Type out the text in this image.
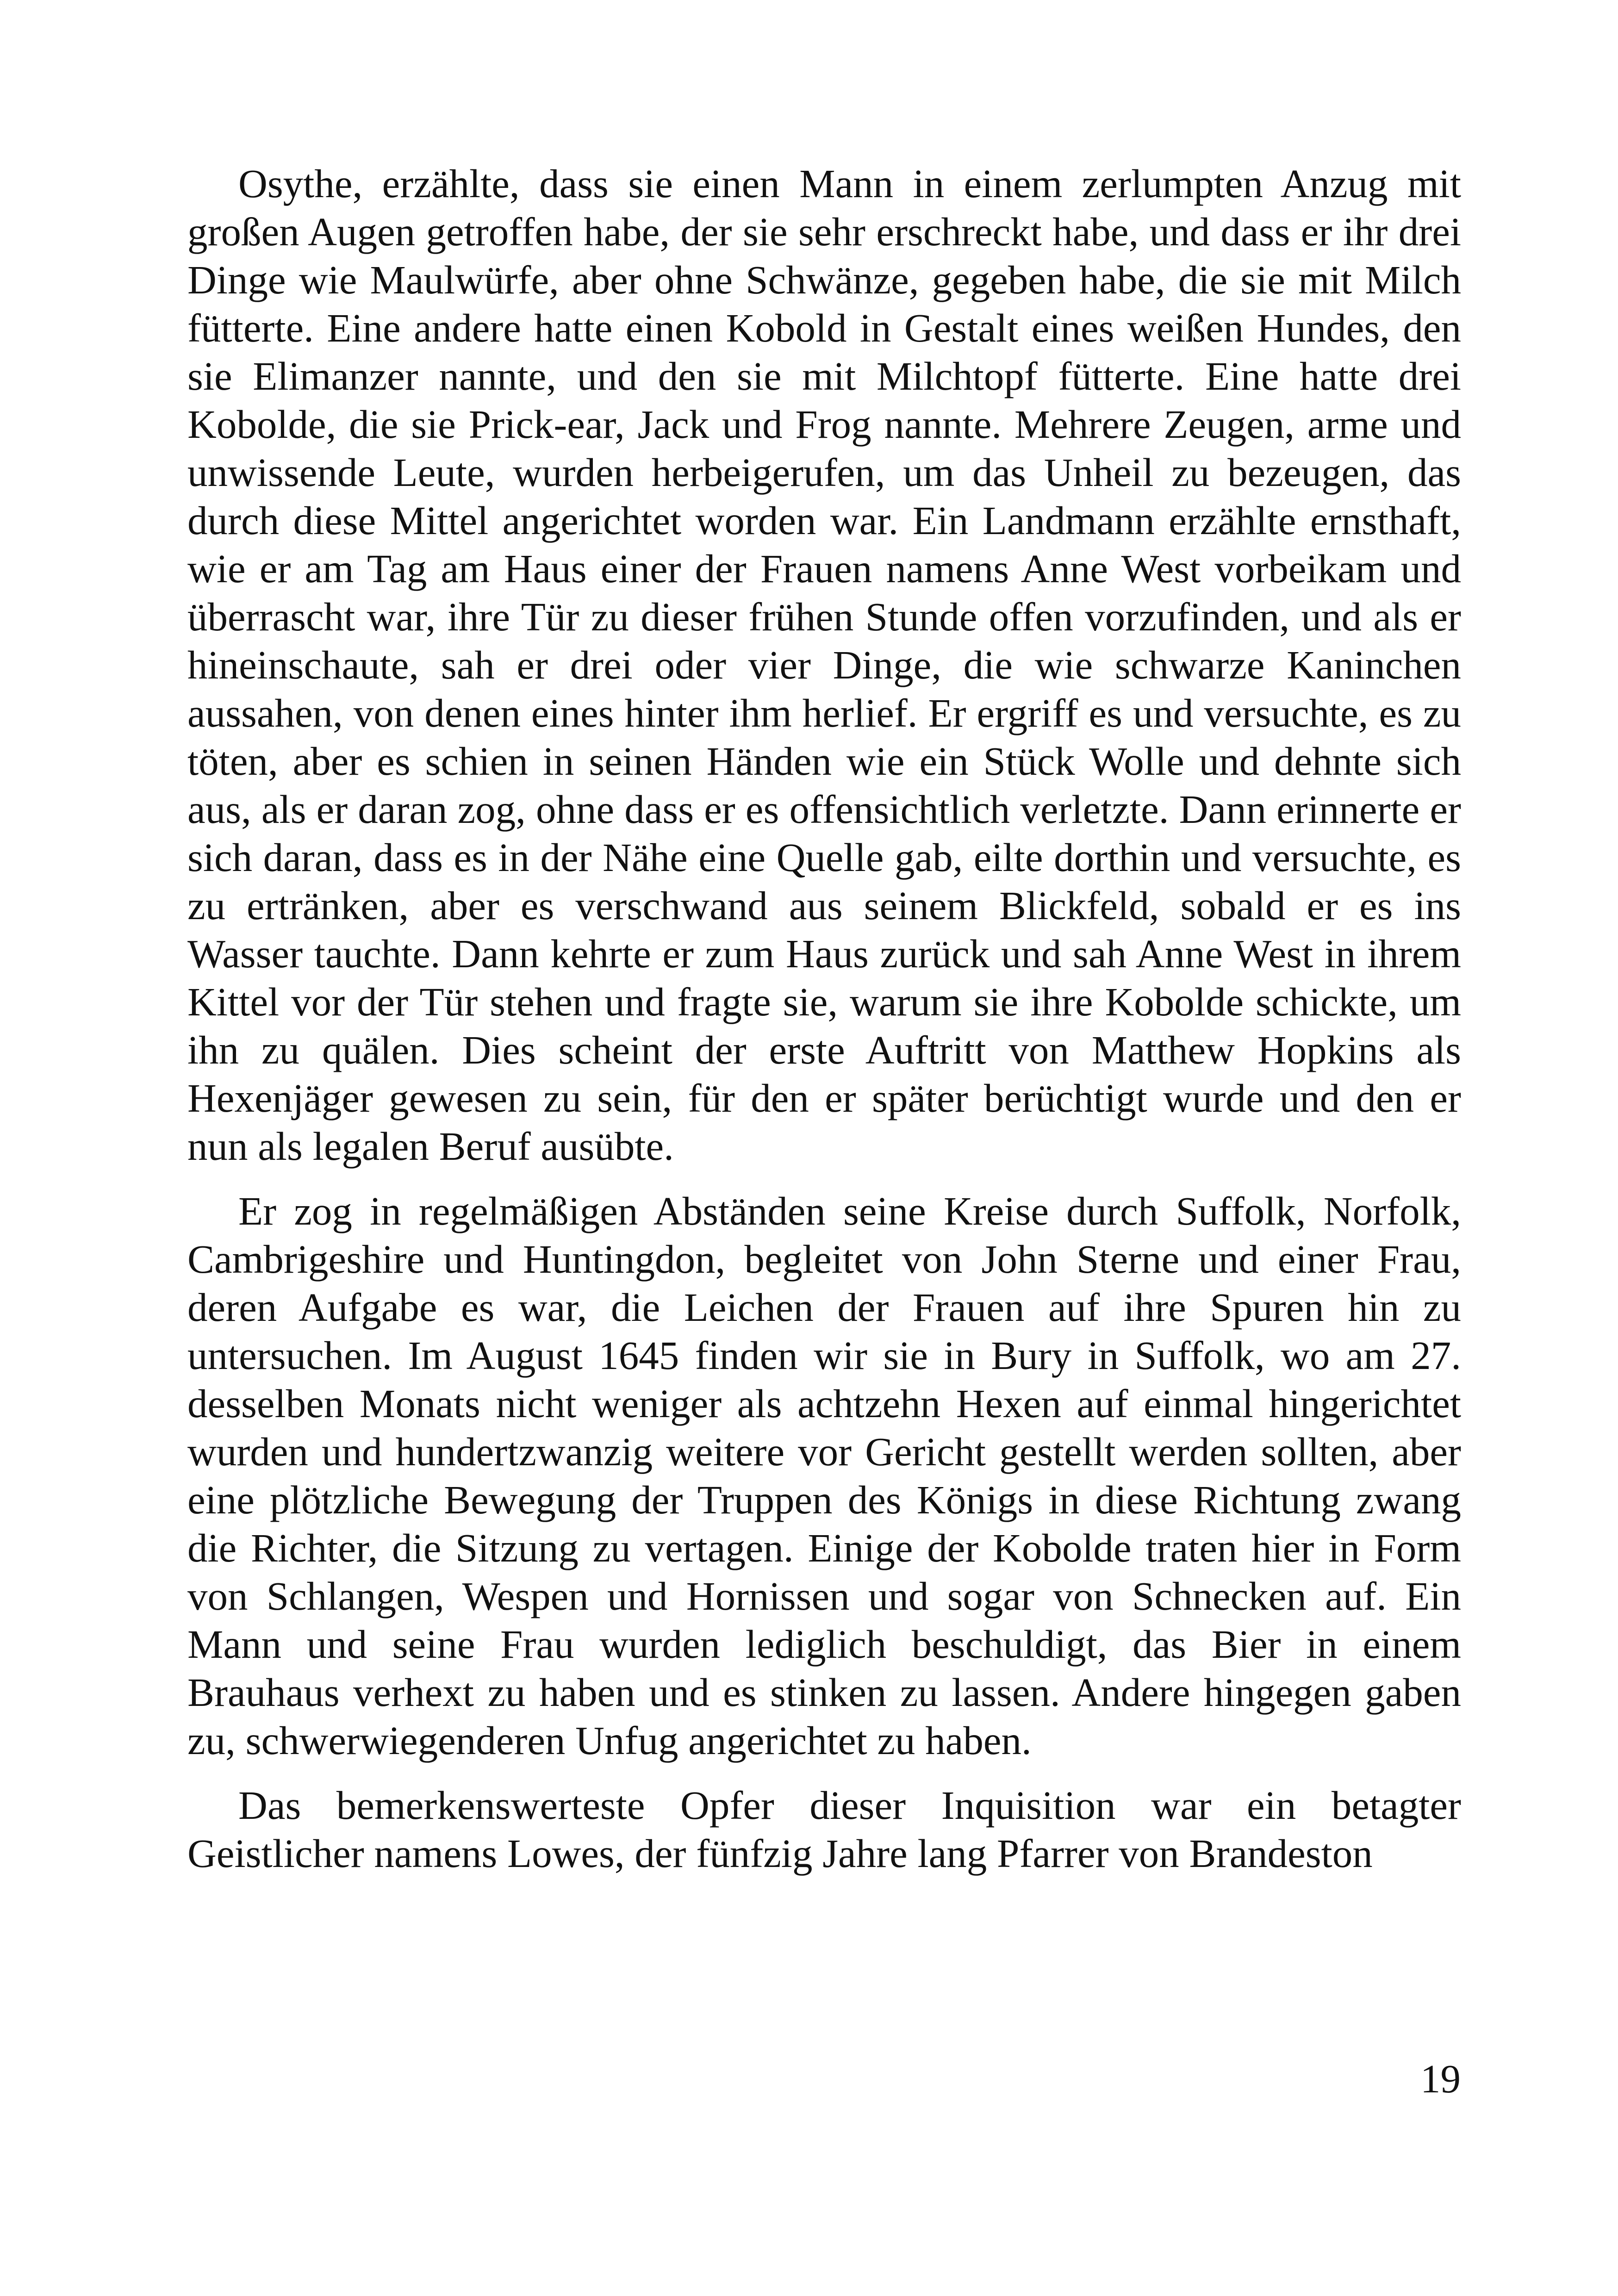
Osythe, erzählte, dass sie einen Mann in einem zerlumpten Anzug mit großen Augen getroffen habe, der sie sehr erschreckt habe, und dass er ihr drei Dinge wie Maulwürfe, aber ohne Schwänze, gegeben habe, die sie mit Milch fütterte. Eine andere hatte einen Kobold in Gestalt eines weißen Hundes, den sie Elimanzer nannte, und den sie mit Milchtopf fütterte. Eine hatte drei Kobolde, die sie Prick-ear, Jack und Frog nannte. Mehrere Zeugen, arme und unwissende Leute, wurden herbeigerufen, um das Unheil zu bezeugen, das durch diese Mittel angerichtet worden war. Ein Landmann erzählte ernsthaft, wie er am Tag am Haus einer der Frauen namens Anne West vorbeikam und überrascht war, ihre Tür zu dieser frühen Stunde offen vorzufinden, und als er hineinschaute, sah er drei oder vier Dinge, die wie schwarze Kaninchen aussahen, von denen eines hinter ihm herlief. Er ergriff es und versuchte, es zu töten, aber es schien in seinen Händen wie ein Stück Wolle und dehnte sich aus, als er daran zog, ohne dass er es offensichtlich verletzte. Dann erinnerte er sich daran, dass es in der Nähe eine Quelle gab, eilte dorthin und versuchte, es zu ertränken, aber es verschwand aus seinem Blickfeld, sobald er es ins Wasser tauchte. Dann kehrte er zum Haus zurück und sah Anne West in ihrem Kittel vor der Tür stehen und fragte sie, warum sie ihre Kobolde schickte, um ihn zu quälen. Dies scheint der erste Auftritt von Matthew Hopkins als Hexenjäger gewesen zu sein, für den er später berüchtigt wurde und den er nun als legalen Beruf ausübte.

Er zog in regelmäßigen Abständen seine Kreise durch Suffolk, Norfolk, Cambrigeshire und Huntingdon, begleitet von John Sterne und einer Frau, deren Aufgabe es war, die Leichen der Frauen auf ihre Spuren hin zu untersuchen. Im August 1645 finden wir sie in Bury in Suffolk, wo am 27. desselben Monats nicht weniger als achtzehn Hexen auf einmal hingerichtet wurden und hundertzwanzig weitere vor Gericht gestellt werden sollten, aber eine plötzliche Bewegung der Truppen des Königs in diese Richtung zwang die Richter, die Sitzung zu vertagen. Einige der Kobolde traten hier in Form von Schlangen, Wespen und Hornissen und sogar von Schnecken auf. Ein Mann und seine Frau wurden lediglich beschuldigt, das Bier in einem Brauhaus verhext zu haben und es stinken zu lassen. Andere hingegen gaben zu, schwerwiegenderen Unfug angerichtet zu haben.

Das bemerkenswerteste Opfer dieser Inquisition war ein betagter Geistlicher namens Lowes, der fünfzig Jahre lang Pfarrer von Brandeston

19
